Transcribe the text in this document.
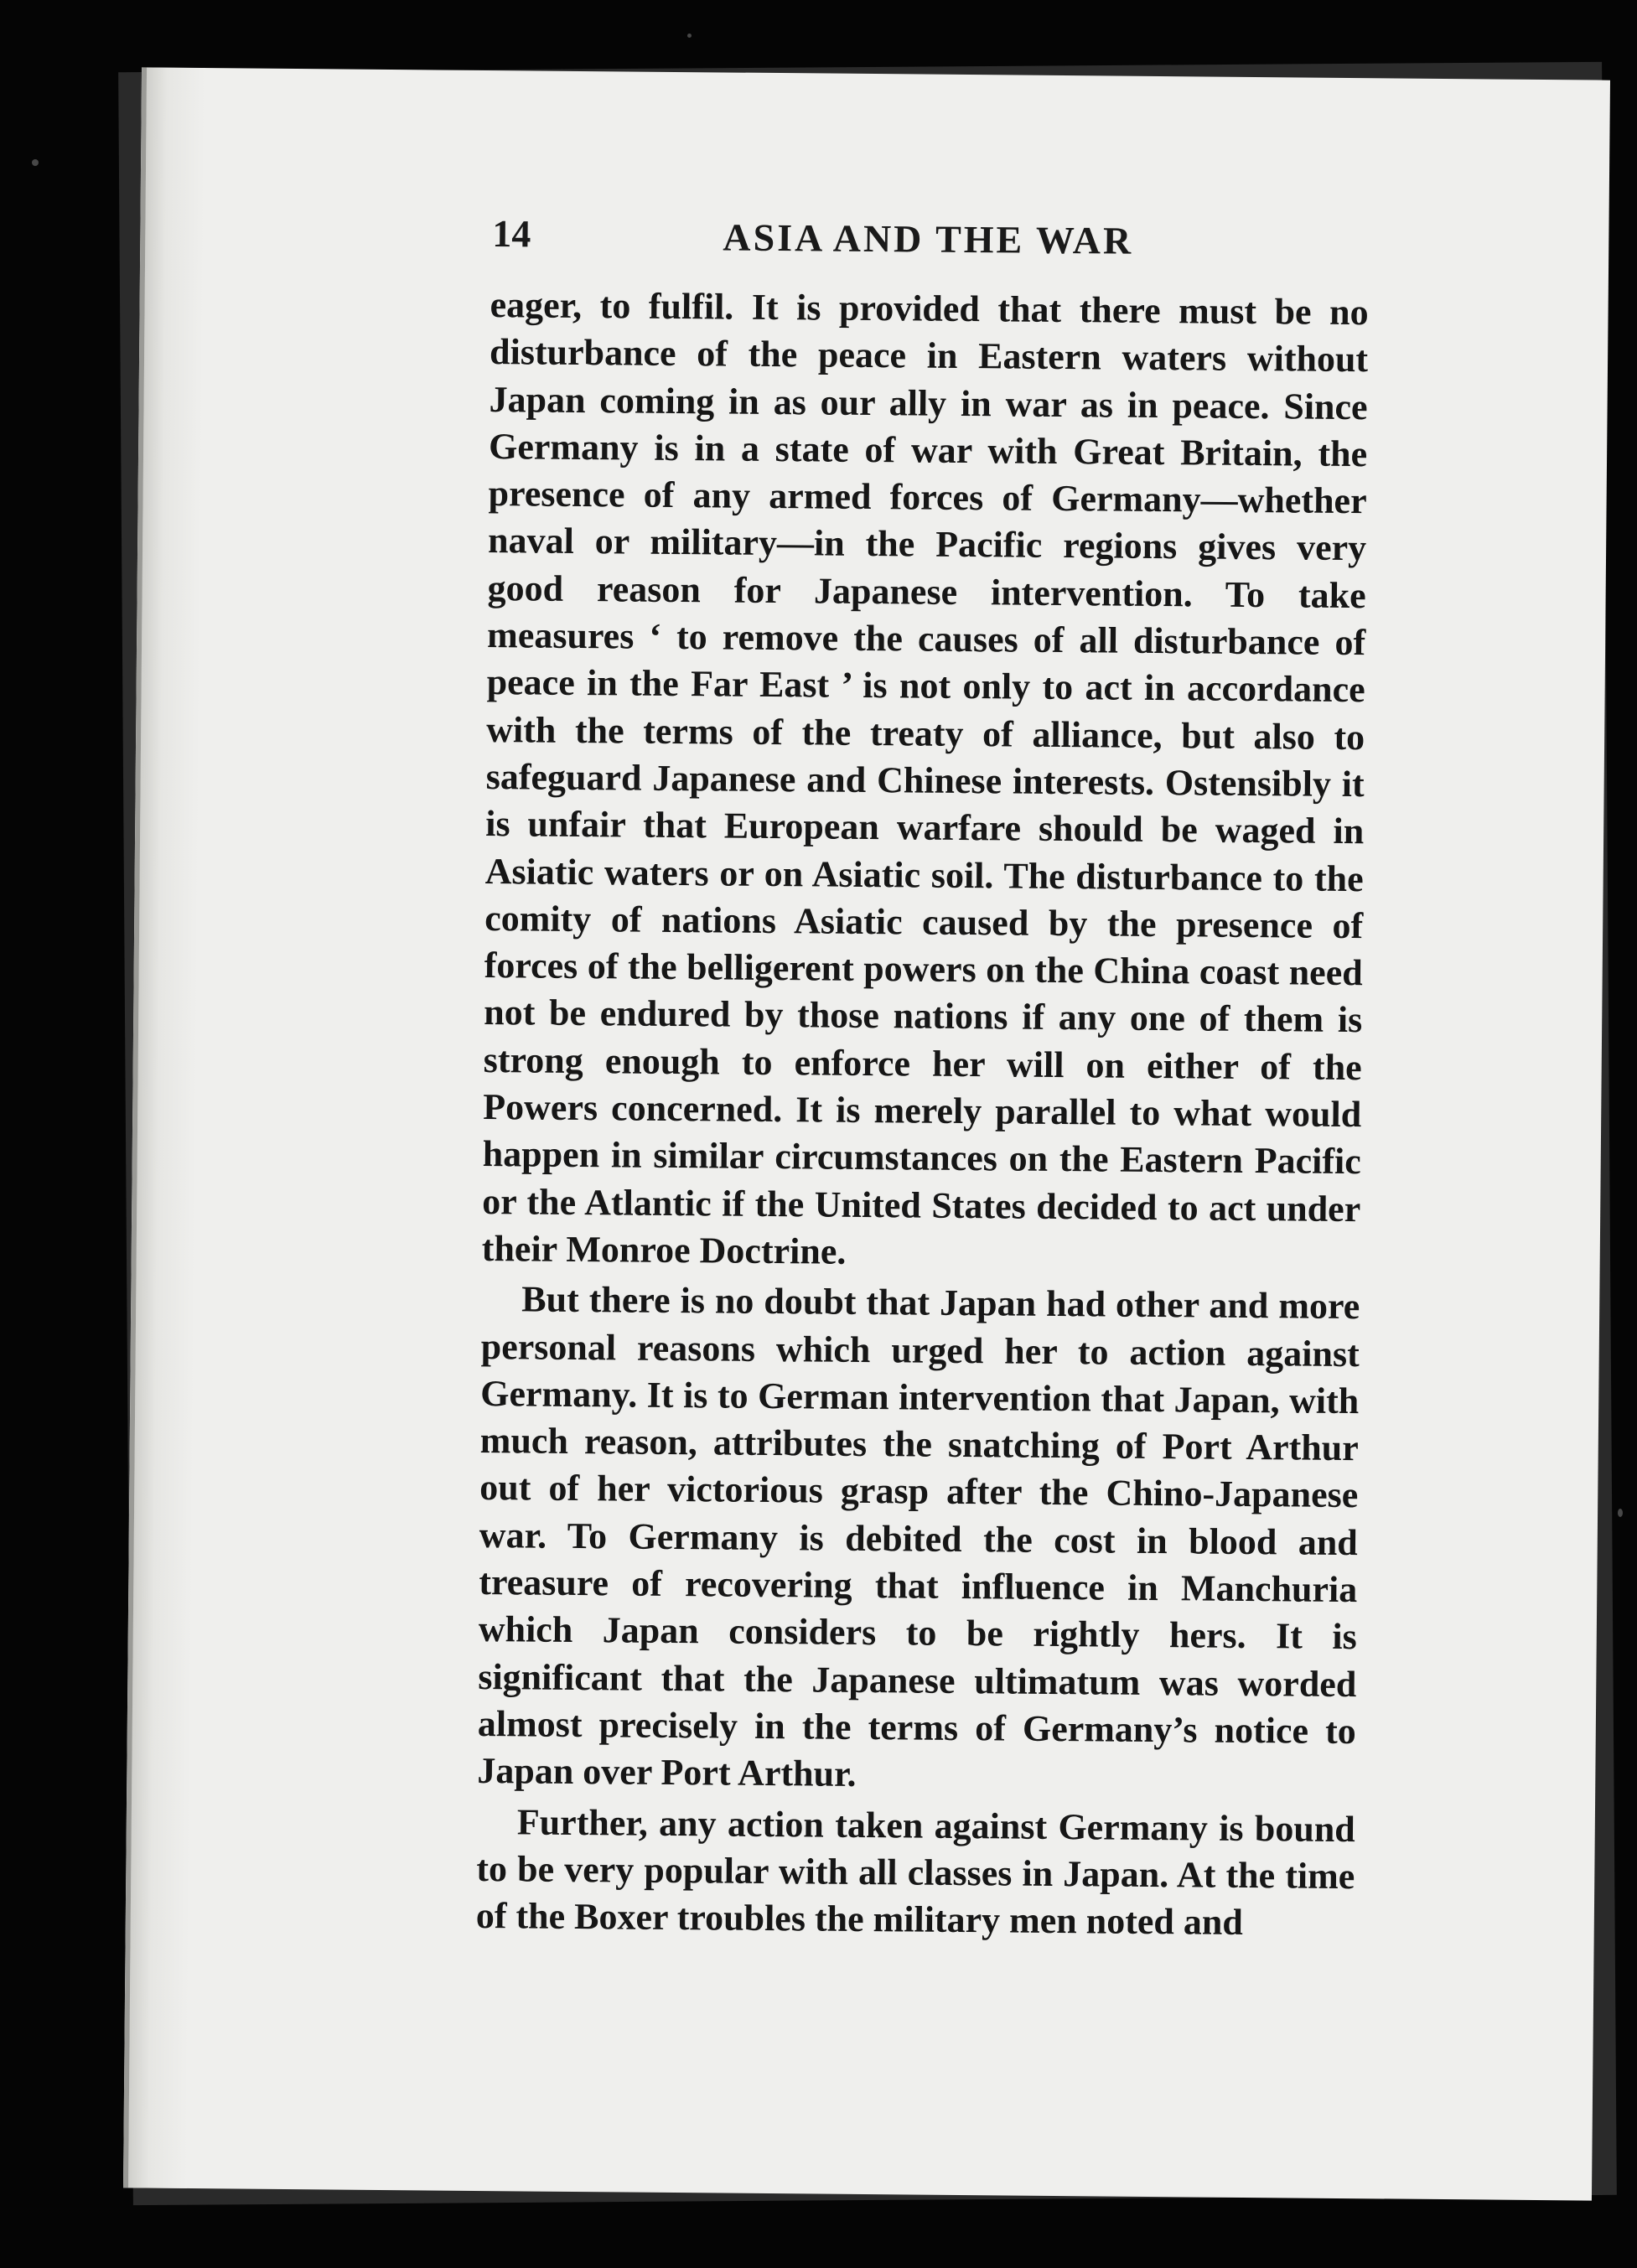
14	ASIA AND THE WAR

eager, to fulfil. It is provided that there must be no disturbance of the peace in Eastern waters without Japan coming in as our ally in war as in peace. Since Germany is in a state of war with Great Britain, the presence of any armed forces of Germany—whether naval or military—in the Pacific regions gives very good reason for Japanese intervention. To take measures ‘ to remove the causes of all disturbance of peace in the Far East ’ is not only to act in accordance with the terms of the treaty of alliance, but also to safeguard Japanese and Chinese interests. Ostensibly it is unfair that European warfare should be waged in Asiatic waters or on Asiatic soil. The disturbance to the comity of nations Asiatic caused by the presence of forces of the belligerent powers on the China coast need not be endured by those nations if any one of them is strong enough to enforce her will on either of the Powers concerned. It is merely parallel to what would happen in similar circumstances on the Eastern Pacific or the Atlantic if the United States decided to act under their Monroe Doctrine.

But there is no doubt that Japan had other and more personal reasons which urged her to action against Germany. It is to German intervention that Japan, with much reason, attributes the snatching of Port Arthur out of her victorious grasp after the Chino-Japanese war. To Germany is debited the cost in blood and treasure of recovering that influence in Manchuria which Japan considers to be rightly hers. It is significant that the Japanese ultimatum was worded almost precisely in the terms of Germany’s notice to Japan over Port Arthur.

Further, any action taken against Germany is bound to be very popular with all classes in Japan. At the time of the Boxer troubles the military men noted and
